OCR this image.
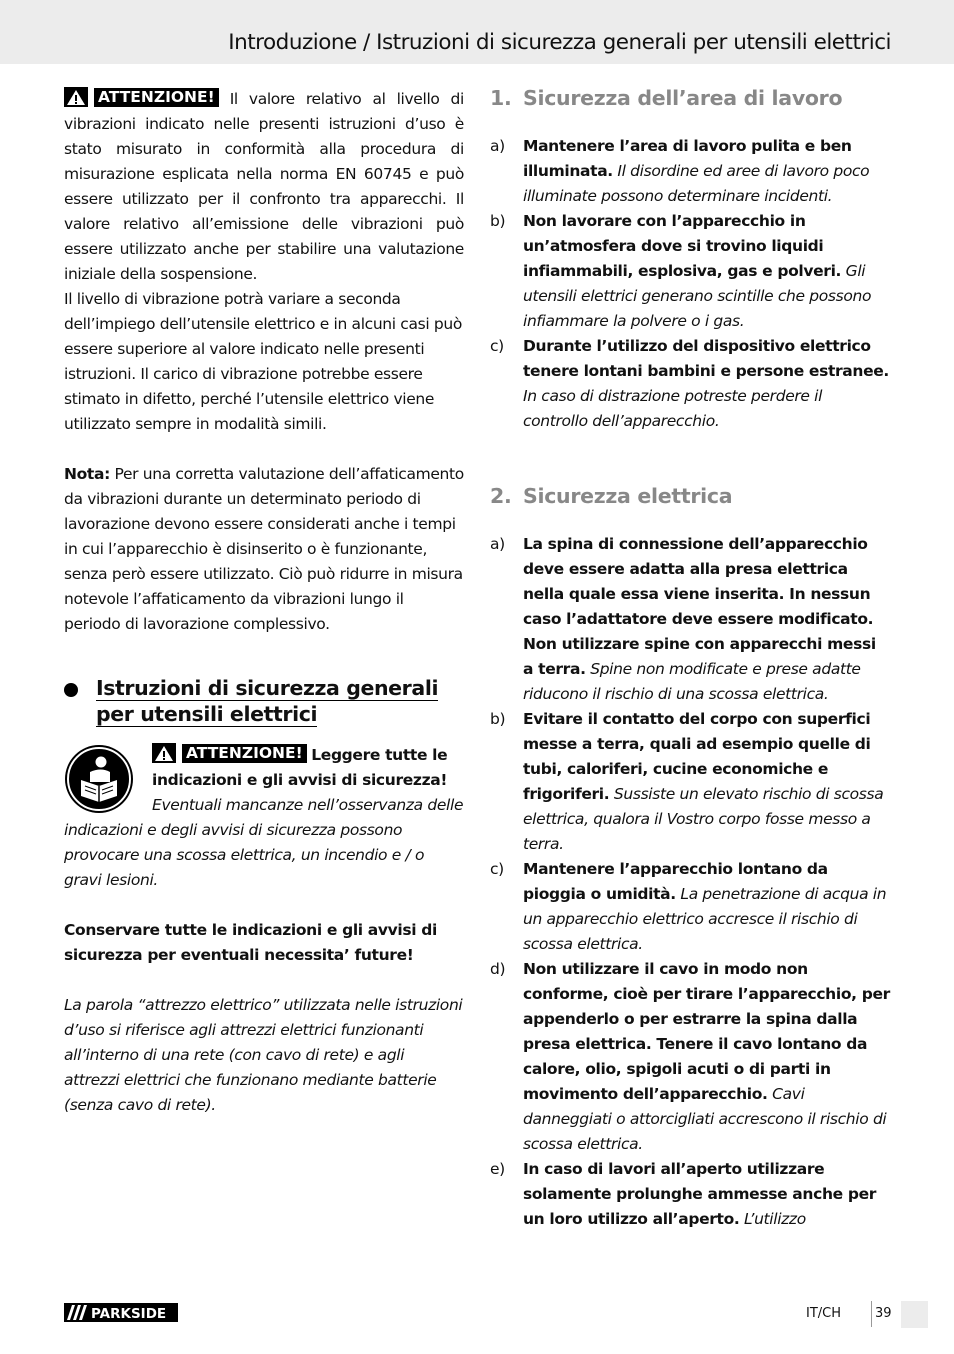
Introduzione / Istruzioni di sicurezza generali per utensili elettrici

ATTENZIONE! Il valore relativo al livello di vibrazioni indicato nelle presenti istruzioni d’uso è stato misurato in conformità alla procedura di misurazione esplicata nella norma EN 60745 e può essere utilizzato per il confronto tra apparecchi. Il valore relativo all’emissione delle vibrazioni può essere utilizzato anche per stabilire una valutazione iniziale della sospensione.

Il livello di vibrazione potrà variare a seconda dell’impiego dell’utensile elettrico e in alcuni casi può essere superiore al valore indicato nelle presenti istruzioni. Il carico di vibrazione potrebbe essere stimato in difetto, perché l’utensile elettrico viene utilizzato sempre in modalità simili.

Nota: Per una corretta valutazione dell’affaticamento da vibrazioni durante un determinato periodo di lavorazione devono essere considerati anche i tempi in cui l’apparecchio è disinserito o è funzionante, senza però essere utilizzato. Ciò può ridurre in misura notevole l’affaticamento da vibrazioni lungo il periodo di lavorazione complessivo.

Istruzioni di sicurezza generali per utensili elettrici

ATTENZIONE! Leggere tutte le indicazioni e gli avvisi di sicurezza! Eventuali mancanze nell’osservanza delle indicazioni e degli avvisi di sicurezza possono provocare una scossa elettrica, un incendio e / o gravi lesioni.

Conservare tutte le indicazioni e gli avvisi di sicurezza per eventuali necessita’ future!

La parola “attrezzo elettrico” utilizzata nelle istruzioni d’uso si riferisce agli attrezzi elettrici funzionanti all’interno di una rete (con cavo di rete) e agli attrezzi elettrici che funzionano mediante batterie (senza cavo di rete).

1. Sicurezza dell’area di lavoro

a) Mantenere l’area di lavoro pulita e ben illuminata. Il disordine ed aree di lavoro poco illuminate possono determinare incidenti.
b) Non lavorare con l’apparecchio in un’atmosfera dove si trovino liquidi infiammabili, esplosiva, gas e polveri. Gli utensili elettrici generano scintille che possono infiammare la polvere o i gas.
c) Durante l’utilizzo del dispositivo elettrico tenere lontani bambini e persone estranee. In caso di distrazione potreste perdere il controllo dell’apparecchio.

2. Sicurezza elettrica

a) La spina di connessione dell’apparecchio deve essere adatta alla presa elettrica nella quale essa viene inserita. In nessun caso l’adattatore deve essere modificato. Non utilizzare spine con apparecchi messi a terra. Spine non modificate e prese adatte riducono il rischio di una scossa elettrica.
b) Evitare il contatto del corpo con superfici messe a terra, quali ad esempio quelle di tubi, caloriferi, cucine economiche e frigoriferi. Sussiste un elevato rischio di scossa elettrica, qualora il Vostro corpo fosse messo a terra.
c) Mantenere l’apparecchio lontano da pioggia o umidità. La penetrazione di acqua in un apparecchio elettrico accresce il rischio di scossa elettrica.
d) Non utilizzare il cavo in modo non conforme, cioè per tirare l’apparecchio, per appenderlo o per estrarre la spina dalla presa elettrica. Tenere il cavo lontano da calore, olio, spigoli acuti o di parti in movimento dell’apparecchio. Cavi danneggiati o attorcigliati accrescono il rischio di scossa elettrica.
e) In caso di lavori all’aperto utilizzare solamente prolunghe ammesse anche per un loro utilizzo all’aperto. L’utilizzo
PARKSIDE	IT/CH	39
